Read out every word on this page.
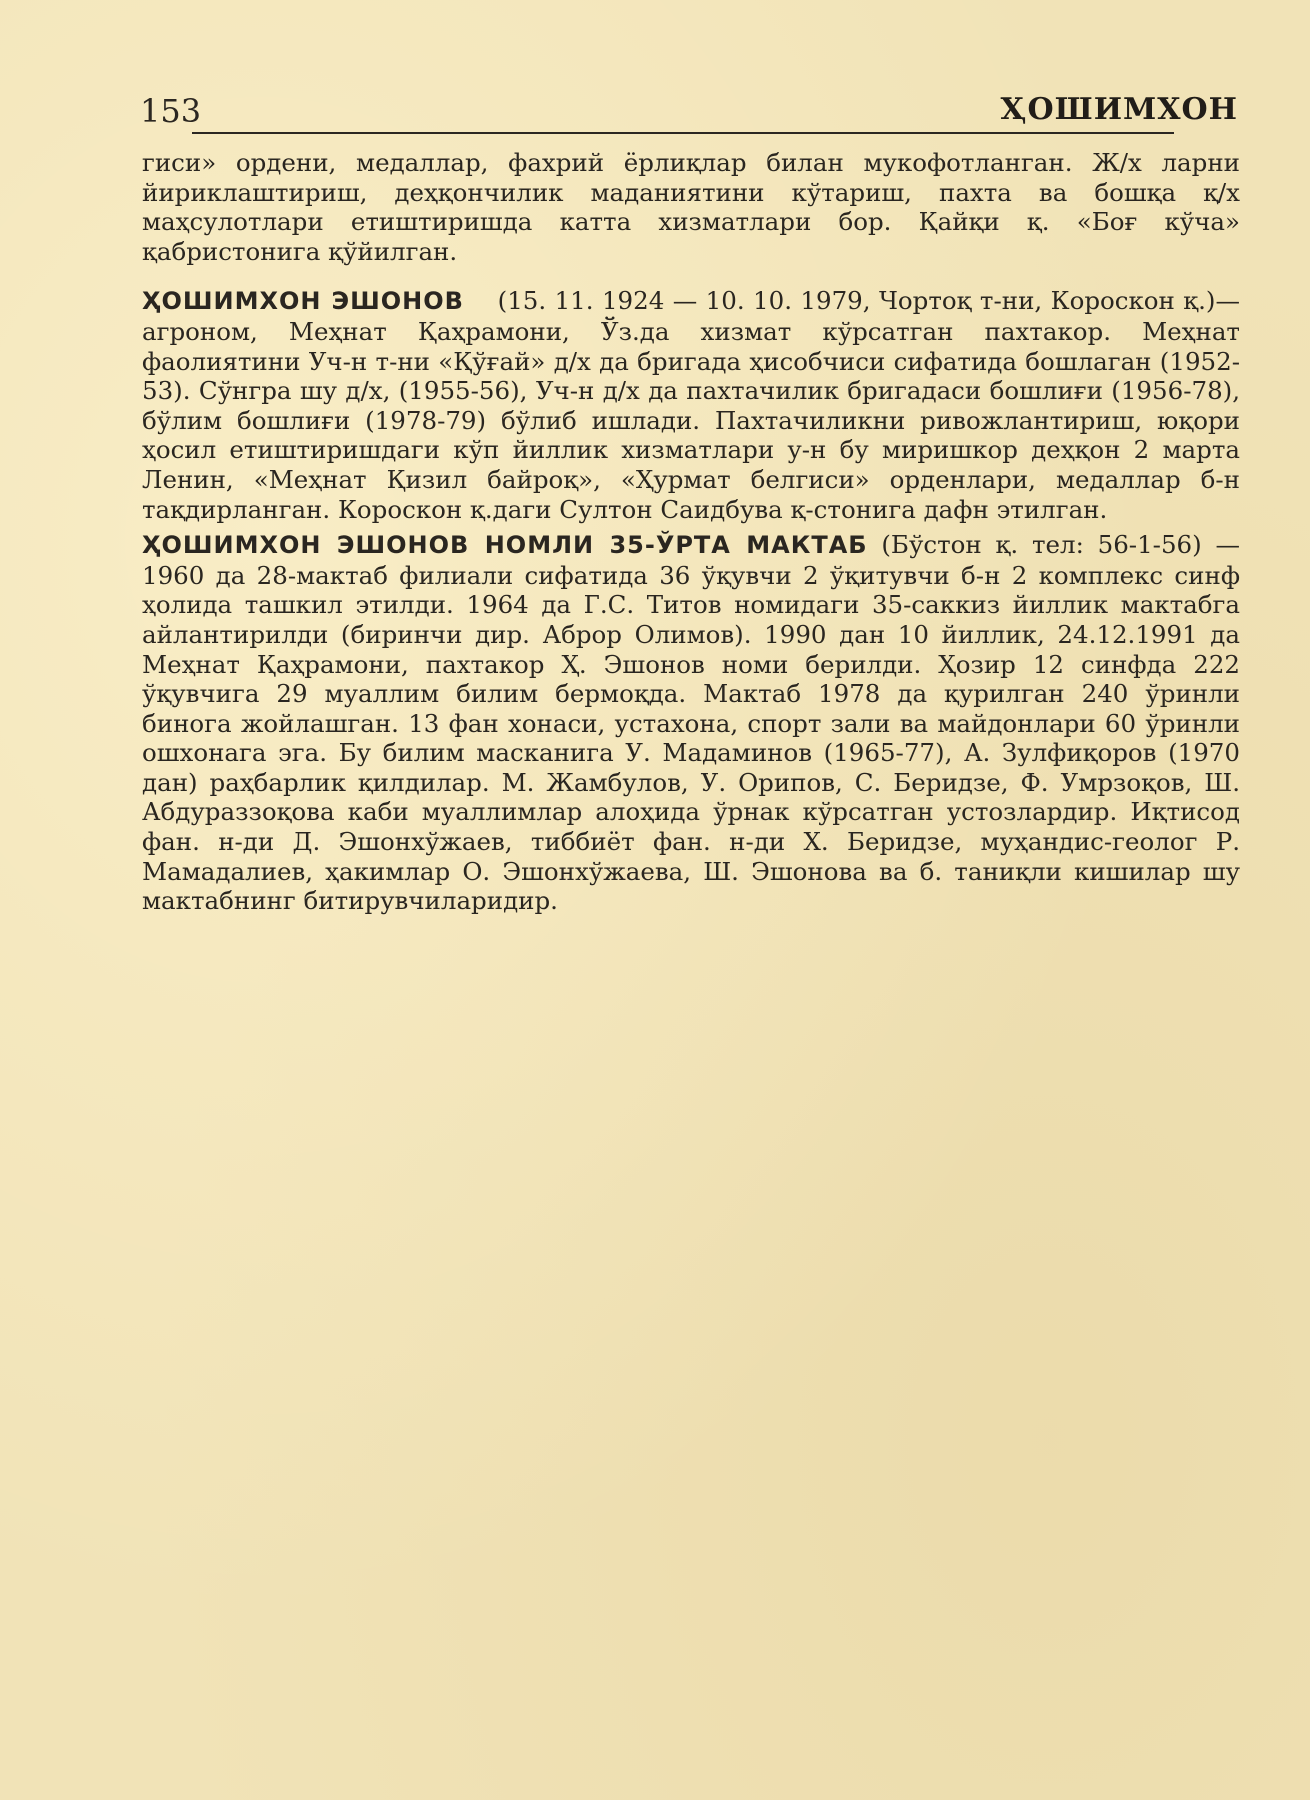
153	ҲОШИМХОН

гиси» ордени, медаллар, фахрий ёрлиқлар билан мукофотланган. Ж/х ларни йириклаштириш, деҳқончилик маданиятини кўтариш, пахта ва бошқа қ/х маҳсулотлари етиштиришда катта хизматлари бор. Қайқи қ. «Боғ кўча» қабристонига қўйилган.

ҲОШИМХОН ЭШОНОВ (15. 11. 1924 — 10. 10. 1979, Чортоқ т-ни, Короскон қ.)—агроном, Меҳнат Қаҳрамони, Ўз.да хизмат кўрсатган пахтакор. Меҳнат фаолиятини Уч-н т-ни «Қўғай» д/х да бригада ҳисобчиси сифатида бошлаган (1952-53). Сўнгра шу д/х, (1955-56), Уч-н д/х да пахтачилик бригадаси бошлиғи (1956-78), бўлим бошлиғи (1978-79) бўлиб ишлади. Пахтачиликни ривожлантириш, юқори ҳосил етиштиришдаги кўп йиллик хизматлари у-н бу миришкор деҳқон 2 марта Ленин, «Меҳнат Қизил байроқ», «Ҳурмат белгиси» орденлари, медаллар б-н тақдирланган. Короскон қ.даги Султон Саидбува қ-стонига дафн этилган.

ҲОШИМХОН ЭШОНОВ НОМЛИ 35-ЎРТА МАКТАБ (Бўстон қ. тел: 56-1-56) — 1960 да 28-мактаб филиали сифатида 36 ўқувчи 2 ўқитувчи б-н 2 комплекс синф ҳолида ташкил этилди. 1964 да Г.С. Титов номидаги 35-саккиз йиллик мактабга айлантирилди (биринчи дир. Аброр Олимов). 1990 дан 10 йиллик, 24.12.1991 да Меҳнат Қаҳрамони, пахтакор Ҳ. Эшонов номи берилди. Ҳозир 12 синфда 222 ўқувчига 29 муаллим билим бермоқда. Мактаб 1978 да қурилган 240 ўринли бинога жойлашган. 13 фан хонаси, устахона, спорт зали ва майдонлари 60 ўринли ошхонага эга. Бу билим масканига У. Мадаминов (1965-77), А. Зулфиқоров (1970 дан) раҳбарлик қилдилар. М. Жамбулов, У. Орипов, С. Беридзе, Ф. Умрзоқов, Ш. Абдураззоқова каби муаллимлар алоҳида ўрнак кўрсатган устозлардир. Иқтисод фан. н-ди Д. Эшонхўжаев, тиббиёт фан. н-ди Х. Беридзе, муҳандис-геолог Р. Мамадалиев, ҳакимлар О. Эшонхўжаева, Ш. Эшонова ва б. таниқли кишилар шу мактабнинг битирувчиларидир.
